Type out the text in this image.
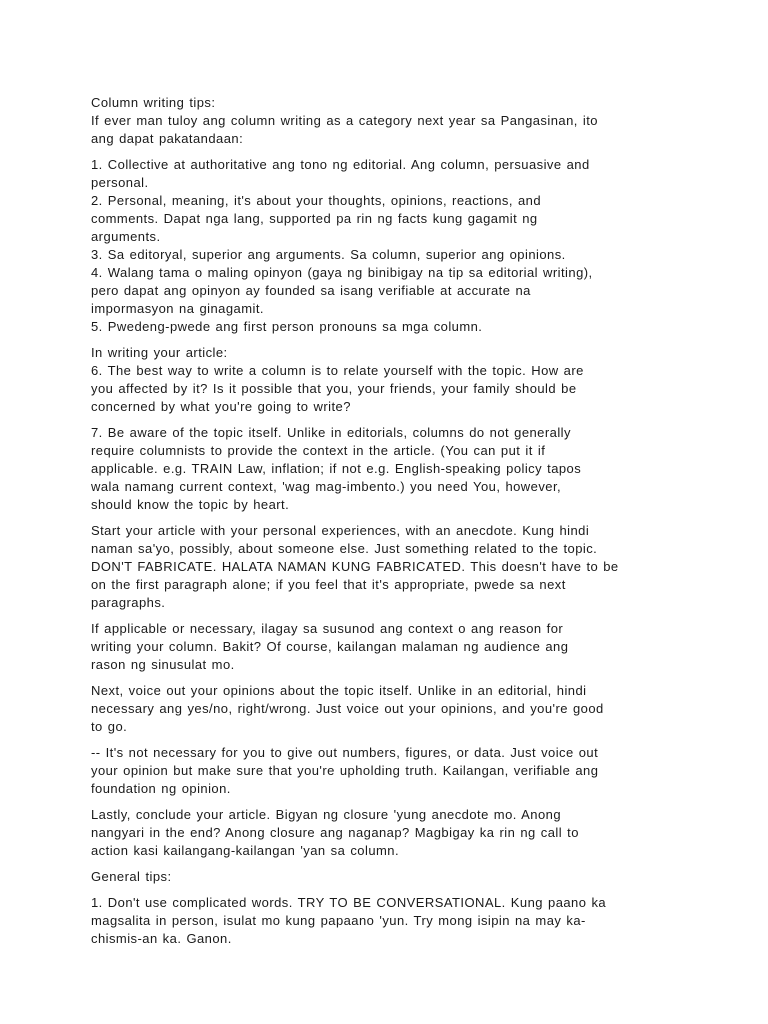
Column writing tips:
If ever man tuloy ang column writing as a category next year sa Pangasinan, ito
ang dapat pakatandaan:
1. Collective at authoritative ang tono ng editorial. Ang column, persuasive and
personal.
2. Personal, meaning, it's about your thoughts, opinions, reactions, and
comments. Dapat nga lang, supported pa rin ng facts kung gagamit ng
arguments.
3. Sa editoryal, superior ang arguments. Sa column, superior ang opinions.
4. Walang tama o maling opinyon (gaya ng binibigay na tip sa editorial writing),
pero dapat ang opinyon ay founded sa isang verifiable at accurate na
impormasyon na ginagamit.
5. Pwedeng-pwede ang first person pronouns sa mga column.
In writing your article:
6. The best way to write a column is to relate yourself with the topic. How are
you affected by it? Is it possible that you, your friends, your family should be
concerned by what you're going to write?
7. Be aware of the topic itself. Unlike in editorials, columns do not generally
require columnists to provide the context in the article. (You can put it if
applicable. e.g. TRAIN Law, inflation; if not e.g. English-speaking policy tapos
wala namang current context, 'wag mag-imbento.) you need You, however,
should know the topic by heart.
Start your article with your personal experiences, with an anecdote. Kung hindi
naman sa'yo, possibly, about someone else. Just something related to the topic.
DON'T FABRICATE. HALATA NAMAN KUNG FABRICATED. This doesn't have to be
on the first paragraph alone; if you feel that it's appropriate, pwede sa next
paragraphs.
If applicable or necessary, ilagay sa susunod ang context o ang reason for
writing your column. Bakit? Of course, kailangan malaman ng audience ang
rason ng sinusulat mo.
Next, voice out your opinions about the topic itself. Unlike in an editorial, hindi
necessary ang yes/no, right/wrong. Just voice out your opinions, and you're good
to go.
-- It's not necessary for you to give out numbers, figures, or data. Just voice out
your opinion but make sure that you're upholding truth. Kailangan, verifiable ang
foundation ng opinion.
Lastly, conclude your article. Bigyan ng closure 'yung anecdote mo. Anong
nangyari in the end? Anong closure ang naganap? Magbigay ka rin ng call to
action kasi kailangang-kailangan 'yan sa column.
General tips:
1. Don't use complicated words. TRY TO BE CONVERSATIONAL. Kung paano ka
magsalita in person, isulat mo kung papaano 'yun. Try mong isipin na may ka-
chismis-an ka. Ganon.
